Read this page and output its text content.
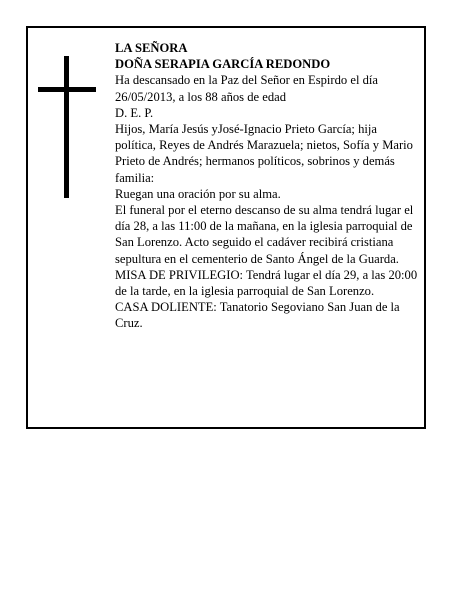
LA SEÑORA

DOÑA SERAPIA GARCÍA REDONDO

Ha descansado en la Paz del Señor en Espirdo el día 26/05/2013, a los 88 años de edad

D. E. P.

Hijos, María Jesús yJosé-Ignacio Prieto García; hija política, Reyes de Andrés Marazuela; nietos, Sofía y Mario Prieto de Andrés; hermanos políticos, sobrinos y demás familia:

Ruegan una oración por su alma.

El funeral por el eterno descanso de su alma tendrá lugar el día 28, a las 11:00 de la mañana, en la iglesia parroquial de San Lorenzo. Acto seguido el cadáver recibirá cristiana sepultura en el cementerio de Santo Ángel de la Guarda.

MISA DE PRIVILEGIO: Tendrá lugar el día 29, a las 20:00 de la tarde, en la iglesia parroquial de San Lorenzo.

CASA DOLIENTE: Tanatorio Segoviano San Juan de la Cruz.
